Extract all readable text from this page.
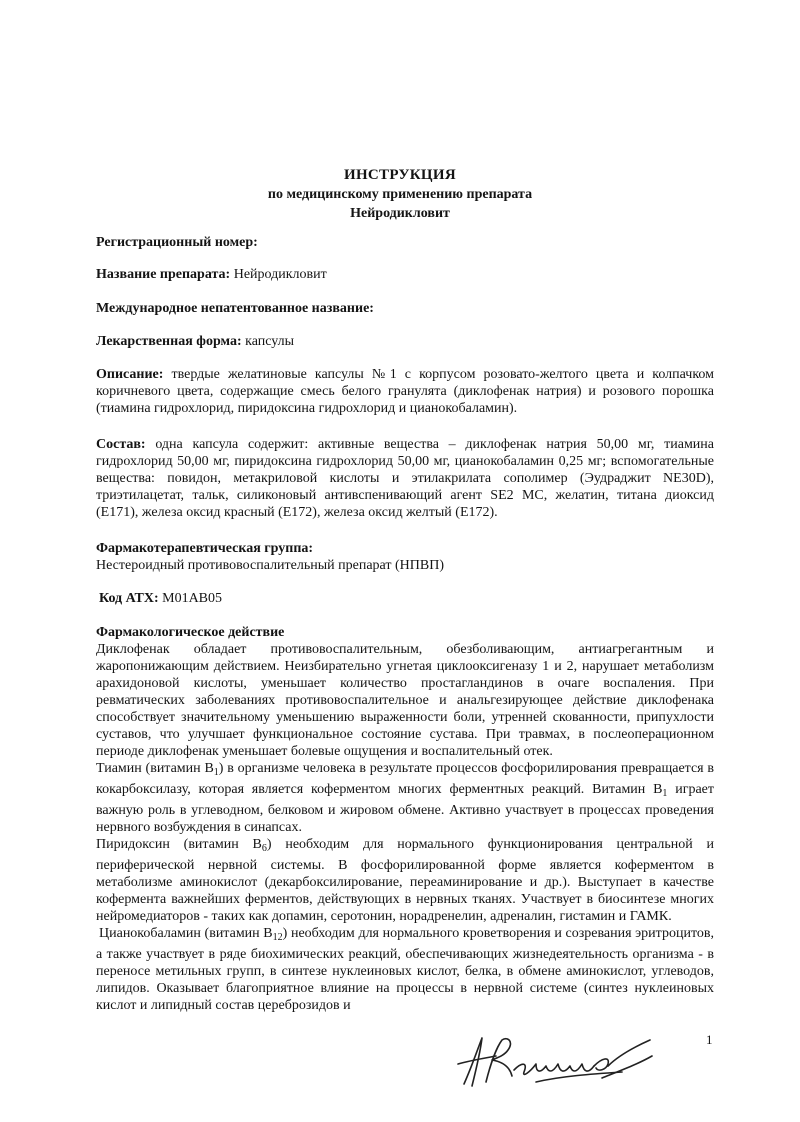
ИНСТРУКЦИЯ
по медицинскому применению препарата
Нейродикловит
Регистрационный номер:
Название препарата: Нейродикловит
Международное непатентованное название:
Лекарственная форма: капсулы
Описание: твердые желатиновые капсулы №1 с корпусом розовато-желтого цвета и колпачком коричневого цвета, содержащие смесь белого гранулята (диклофенак натрия) и розового порошка (тиамина гидрохлорид, пиридоксина гидрохлорид и цианокобаламин).
Состав: одна капсула содержит: активные вещества – диклофенак натрия 50,00 мг, тиамина гидрохлорид 50,00 мг, пиридоксина гидрохлорид 50,00 мг, цианокобаламин 0,25 мг; вспомогательные вещества: повидон, метакриловой кислоты и этилакрилата сополимер (Эудраджит NE30D), триэтилацетат, тальк, силиконовый антивспенивающий агент SE2 MC, желатин, титана диоксид (Е171), железа оксид красный (Е172), железа оксид желтый (Е172).
Фармакотерапевтическая группа:
Нестероидный противовоспалительный препарат (НПВП)
Код АТХ: M01AB05
Фармакологическое действие
Диклофенак обладает противовоспалительным, обезболивающим, антиагрегантным и жаропонижающим действием. Неизбирательно угнетая циклооксигеназу 1 и 2, нарушает метаболизм арахидоновой кислоты, уменьшает количество простагландинов в очаге воспаления. При ревматических заболеваниях противовоспалительное и анальгезирующее действие диклофенака способствует значительному уменьшению выраженности боли, утренней скованности, припухлости суставов, что улучшает функциональное состояние сустава. При травмах, в послеоперационном периоде диклофенак уменьшает болевые ощущения и воспалительный отек.
Тиамин (витамин $B_1$) в организме человека в результате процессов фосфорилирования превращается в кокарбоксилазу, которая является коферментом многих ферментных реакций. Витамин $B_1$ играет важную роль в углеводном, белковом и жировом обмене. Активно участвует в процессах проведения нервного возбуждения в синапсах.
Пиридоксин (витамин $B_6$) необходим для нормального функционирования центральной и периферической нервной системы. В фосфорилированной форме является коферментом в метаболизме аминокислот (декарбоксилирование, переаминирование и др.). Выступает в качестве кофермента важнейших ферментов, действующих в нервных тканях. Участвует в биосинтезе многих нейромедиаторов - таких как допамин, серотонин, норадренелин, адреналин, гистамин и ГАМК.
Цианокобаламин (витамин $B_{12}$) необходим для нормального кроветворения и созревания эритроцитов, а также участвует в ряде биохимических реакций, обеспечивающих жизнедеятельность организма - в переносе метильных групп, в синтезе нуклеиновых кислот, белка, в обмене аминокислот, углеводов, липидов. Оказывает благоприятное влияние на процессы в нервной системе (синтез нуклеиновых кислот и липидный состав цереброзидов и
1
